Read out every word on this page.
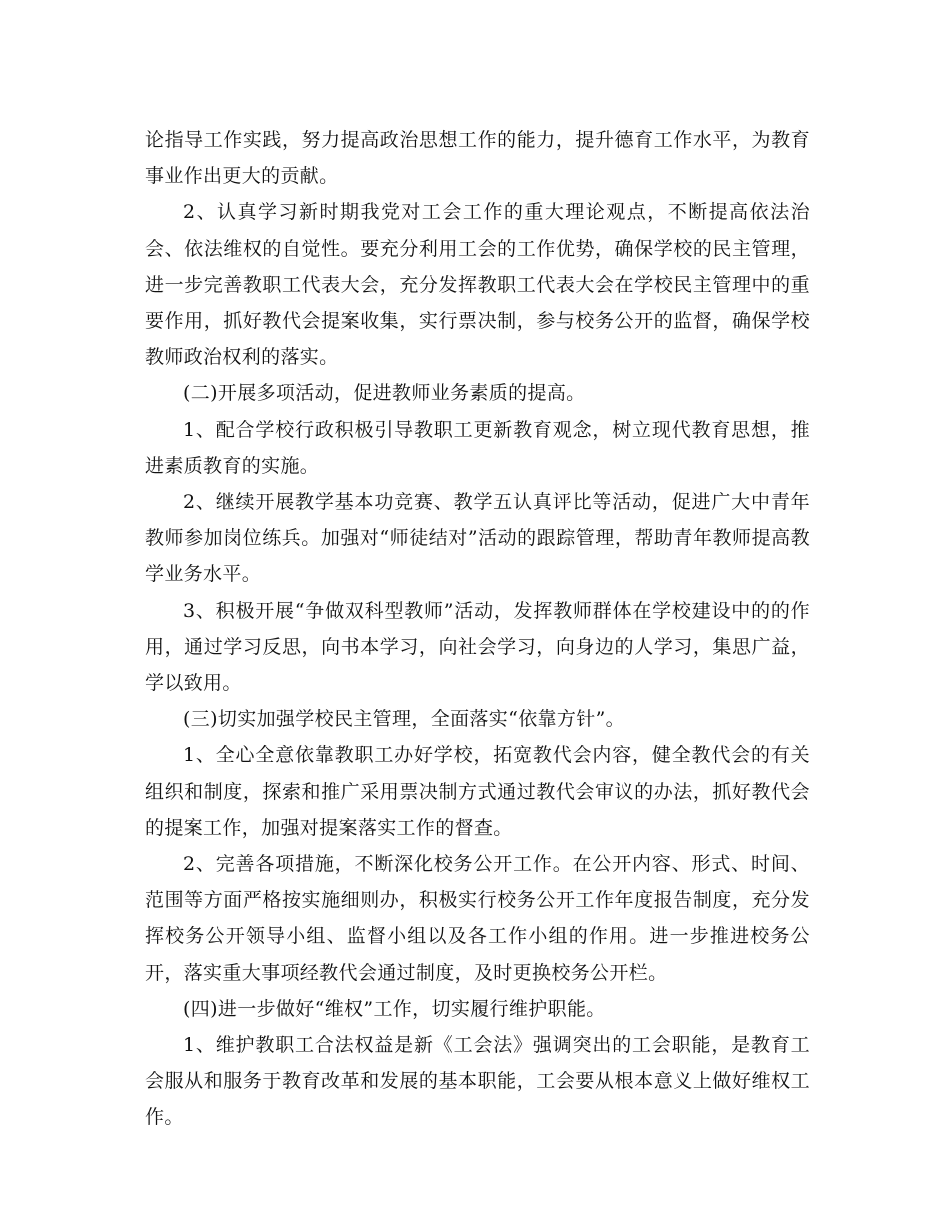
论指导工作实践，努力提高政治思想工作的能力，提升德育工作水平，为教育事业作出更大的贡献。

2、认真学习新时期我党对工会工作的重大理论观点，不断提高依法治会、依法维权的自觉性。要充分利用工会的工作优势，确保学校的民主管理，进一步完善教职工代表大会，充分发挥教职工代表大会在学校民主管理中的重要作用，抓好教代会提案收集，实行票决制，参与校务公开的监督，确保学校教师政治权利的落实。

(二)开展多项活动，促进教师业务素质的提高。

1、配合学校行政积极引导教职工更新教育观念，树立现代教育思想，推进素质教育的实施。

2、继续开展教学基本功竞赛、教学五认真评比等活动，促进广大中青年教师参加岗位练兵。加强对“师徒结对”活动的跟踪管理，帮助青年教师提高教学业务水平。

3、积极开展“争做双科型教师”活动，发挥教师群体在学校建设中的的作用，通过学习反思，向书本学习，向社会学习，向身边的人学习，集思广益，学以致用。

(三)切实加强学校民主管理，全面落实“依靠方针”。

1、全心全意依靠教职工办好学校，拓宽教代会内容，健全教代会的有关组织和制度，探索和推广采用票决制方式通过教代会审议的办法，抓好教代会的提案工作，加强对提案落实工作的督查。

2、完善各项措施，不断深化校务公开工作。在公开内容、形式、时间、范围等方面严格按实施细则办，积极实行校务公开工作年度报告制度，充分发挥校务公开领导小组、监督小组以及各工作小组的作用。进一步推进校务公开，落实重大事项经教代会通过制度，及时更换校务公开栏。

(四)进一步做好“维权”工作，切实履行维护职能。

1、维护教职工合法权益是新《工会法》强调突出的工会职能，是教育工会服从和服务于教育改革和发展的基本职能，工会要从根本意义上做好维权工作。
